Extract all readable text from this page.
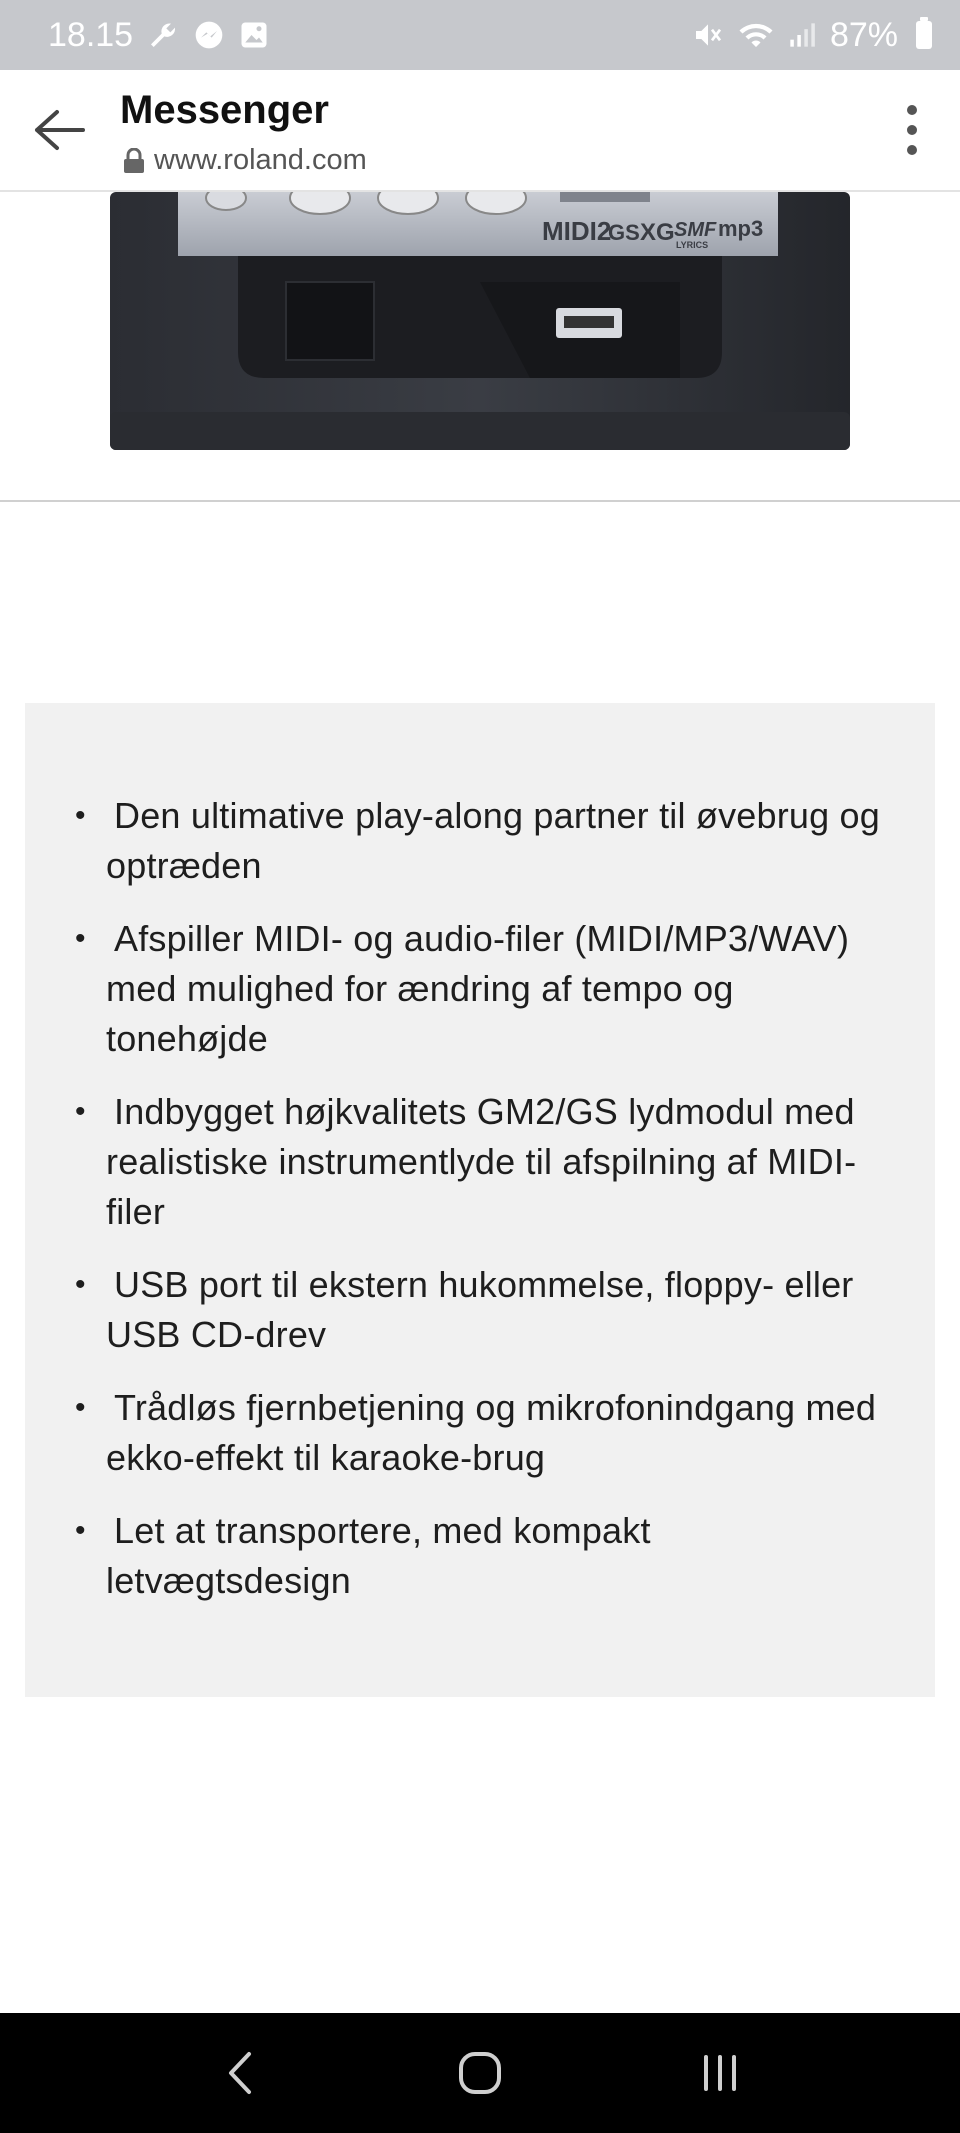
18.15	87%
Messenger
www.roland.com
MIDI2
GS XG SMF
LYRICS
mp3
• Den ultimative play-along partner til øvebrug og optræden
• Afspiller MIDI- og audio-filer (MIDI/MP3/WAV) med mulighed for ændring af tempo og tonehøjde
• Indbygget højkvalitets GM2/GS lydmodul med realistiske instrumentlyde til afspilning af MIDI-filer
• USB port til ekstern hukommelse, floppy- eller USB CD-drev
• Trådløs fjernbetjening og mikrofonindgang med ekko-effekt til karaoke-brug
• Let at transportere, med kompakt letvægtsdesign
